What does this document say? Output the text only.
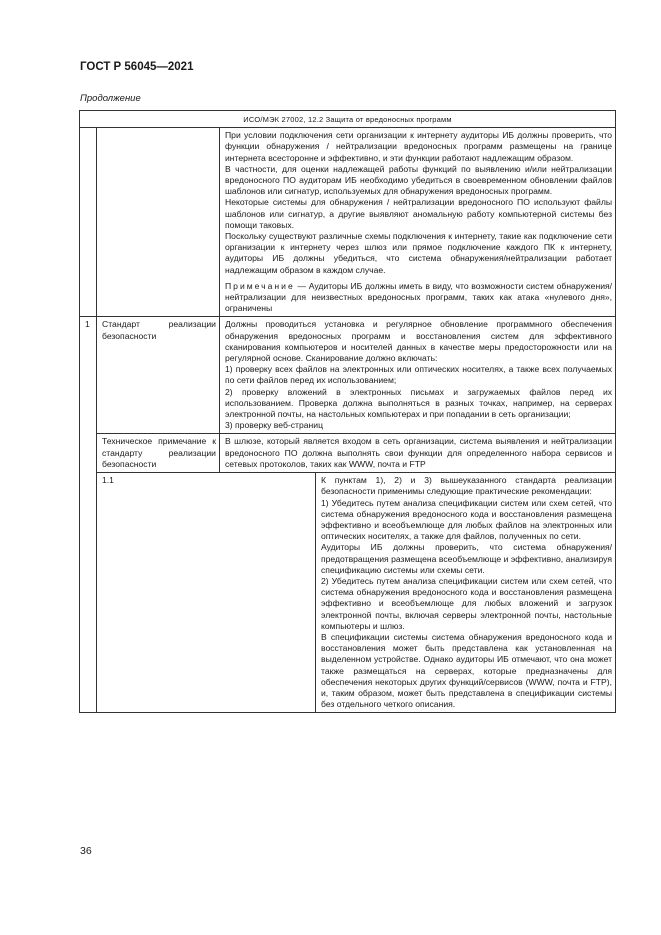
ГОСТ Р 56045—2021
Продолжение
ИСО/МЭК 27002, 12.2 Защита от вредоносных программ			

		При условии подключения сети организации к интернету аудиторы ИБ должны проверить, что функции обнаружения / нейтрализации вредоносных программ размещены на границе интернета всесторонне и эффективно, и эти функции работают надлежащим образом.

В частности, для оценки надлежащей работы функций по выявлению и/или нейтрализации вредоносного ПО аудиторам ИБ необходимо убедиться в своевременном обновлении файлов шаблонов или сигнатур, используемых для обнаружения вредоносных программ.

Некоторые системы для обнаружения / нейтрализации вредоносного ПО используют файлы шаблонов или сигнатур, а другие выявляют аномальную работу компьютерной системы без помощи таковых.

Поскольку существуют различные схемы подключения к интернету, такие как подключение сети организации к интернету через шлюз или прямое подключение каждого ПК к интернету, аудиторы ИБ должны убедиться, что система обнаружения/нейтрализации работает надлежащим образом в каждом случае.

Примечание — Аудиторы ИБ должны иметь в виду, что возможности систем обнаружения/нейтрализации для неизвестных вредоносных программ, таких как атака «нулевого дня», ограничены	

1	Стандарт реализации безопасности	Должны проводиться установка и регулярное обновление программного обеспечения обнаружения вредоносных программ и восстановления систем для эффективного сканирования компьютеров и носителей данных в качестве меры предосторожности или на регулярной основе. Сканирование должно включать:

1) проверку всех файлов на электронных или оптических носителях, а также всех получаемых по сети файлов перед их использованием;

2) проверку вложений в электронных письмах и загружаемых файлов перед их использованием. Проверка должна выполняться в разных точках, например, на серверах электронной почты, на настольных компьютерах и при попадании в сеть организации;

3) проверку веб-страниц	

	Техническое примечание к стандарту реализации безопасности	В шлюзе, который является входом в сеть организации, система выявления и нейтрализации вредоносного ПО должна выполнять свои функции для определенного набора сервисов и сетевых протоколов, таких как WWW, почта и FTP	
	1.1		К пунктам 1), 2) и 3) вышеуказанного стандарта реализации безопасности применимы следующие практические рекомендации:

1) Убедитесь путем анализа спецификации систем или схем сетей, что система обнаружения вредоносного кода и восстановления размещена эффективно и всеобъемлюще для любых файлов на электронных или оптических носителях, а также для файлов, полученных по сети.

Аудиторы ИБ должны проверить, что система обнаружения/ предотвращения размещена всеобъемлюще и эффективно, анализируя спецификацию системы или схемы сети.

2) Убедитесь путем анализа спецификации систем или схем сетей, что система обнаружения вредоносного кода и восстановления размещена эффективно и всеобъемлюще для любых вложений и загрузок электронной почты, включая серверы электронной почты, настольные компьютеры и шлюз.

В спецификации системы система обнаружения вредоносного кода и восстановления может быть представлена как установленная на выделенном устройстве. Однако аудиторы ИБ отмечают, что она может также размещаться на серверах, которые предназначены для обеспечения некоторых других функций/сервисов (WWW, почта и FTP), и, таким образом, может быть представлена в спецификации системы без отдельного четкого описания.

36
